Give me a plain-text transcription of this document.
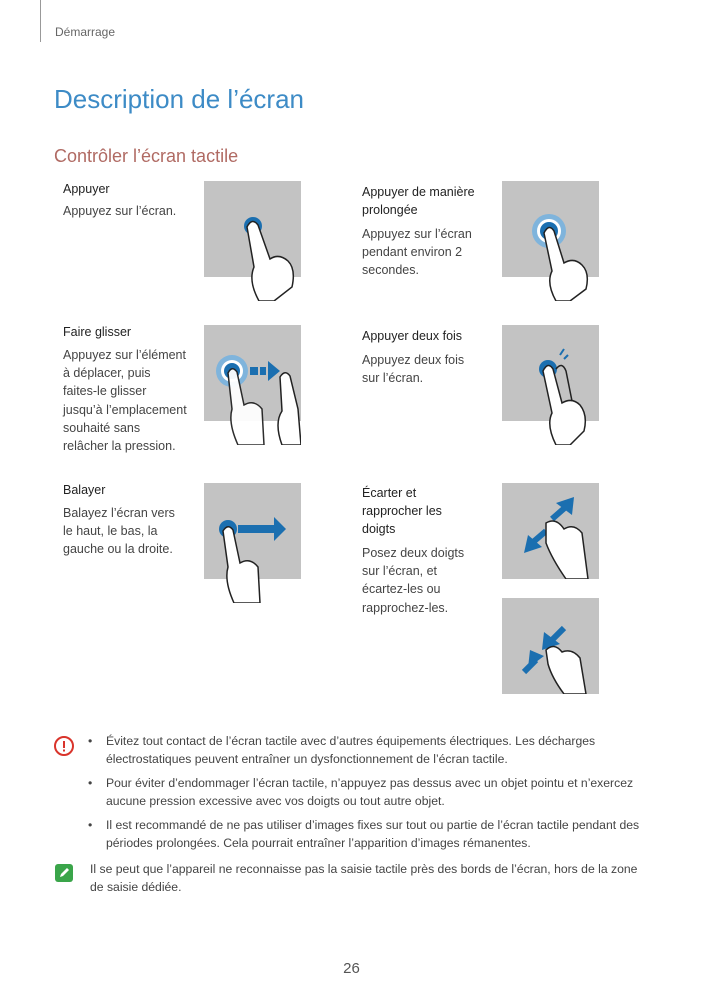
Démarrage
Description de l’écran
Contrôler l’écran tactile
Appuyer
Appuyez sur l’écran.
Appuyer de manière prolongée
Appuyez sur l’écran pendant environ 2 secondes.
Faire glisser
Appuyez sur l’élément à déplacer, puis faites-le glisser jusqu’à l’emplacement souhaité sans relâcher la pression.
Appuyer deux fois
Appuyez deux fois sur l’écran.
Balayer
Balayez l’écran vers le haut, le bas, la gauche ou la droite.
Écarter et rapprocher les doigts
Posez deux doigts sur l’écran, et écartez-les ou rapprochez-les.
• Évitez tout contact de l’écran tactile avec d’autres équipements électriques. Les décharges électrostatiques peuvent entraîner un dysfonctionnement de l’écran tactile.
• Pour éviter d’endommager l’écran tactile, n’appuyez pas dessus avec un objet pointu et n’exercez aucune pression excessive avec vos doigts ou tout autre objet.
• Il est recommandé de ne pas utiliser d’images fixes sur tout ou partie de l’écran tactile pendant des périodes prolongées. Cela pourrait entraîner l’apparition d’images rémanentes.
Il se peut que l’appareil ne reconnaisse pas la saisie tactile près des bords de l’écran, hors de la zone de saisie dédiée.
26
